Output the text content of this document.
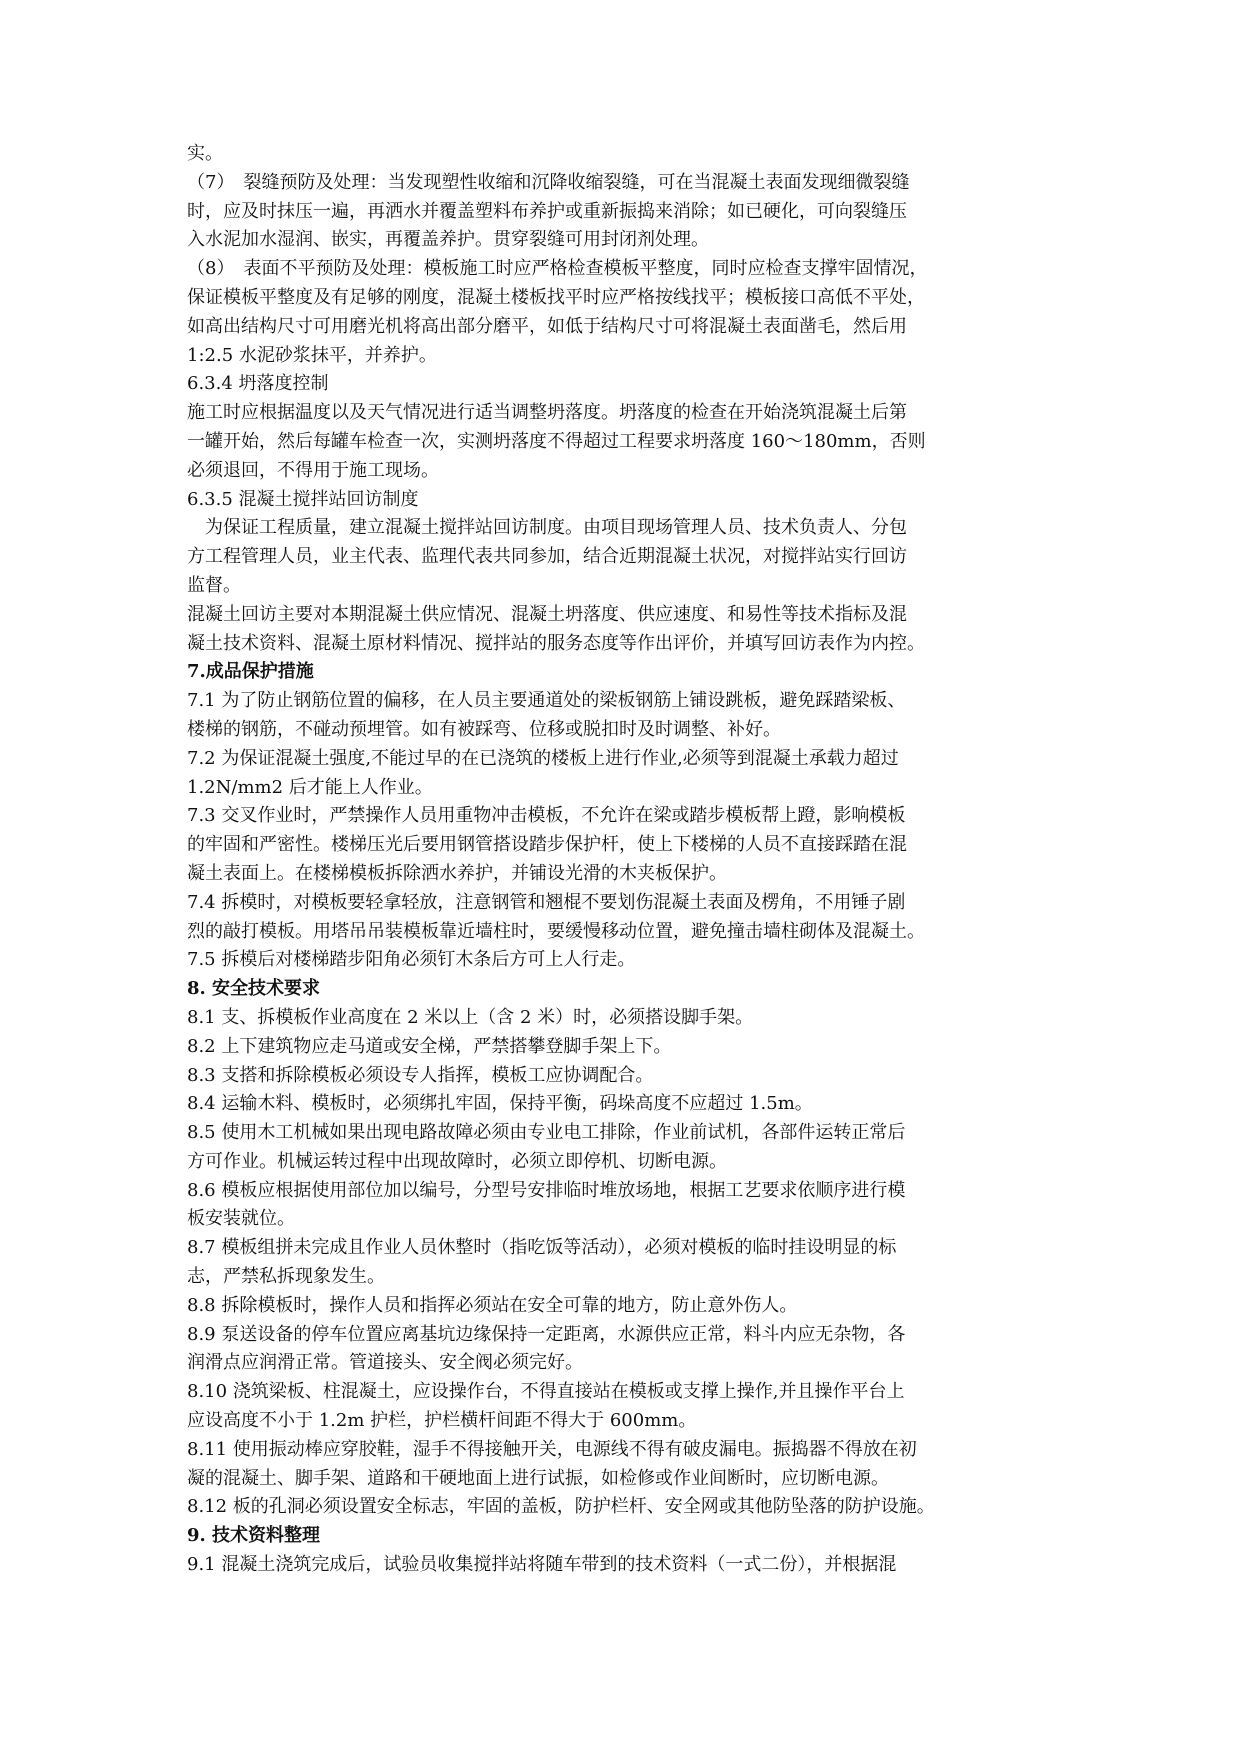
实。
（7）　裂缝预防及处理：当发现塑性收缩和沉降收缩裂缝，可在当混凝土表面发现细微裂缝
时，应及时抹压一遍，再洒水并覆盖塑料布养护或重新振捣来消除；如已硬化，可向裂缝压
入水泥加水湿润、嵌实，再覆盖养护。贯穿裂缝可用封闭剂处理。
（8）　表面不平预防及处理：模板施工时应严格检查模板平整度，同时应检查支撑牢固情况，
保证模板平整度及有足够的刚度，混凝土楼板找平时应严格按线找平；模板接口高低不平处，
如高出结构尺寸可用磨光机将高出部分磨平，如低于结构尺寸可将混凝土表面凿毛，然后用
1:2.5 水泥砂浆抹平，并养护。
6.3.4 坍落度控制
施工时应根据温度以及天气情况进行适当调整坍落度。坍落度的检查在开始浇筑混凝土后第
一罐开始，然后每罐车检查一次，实测坍落度不得超过工程要求坍落度 160～180mm，否则
必须退回，不得用于施工现场。
6.3.5 混凝土搅拌站回访制度
为保证工程质量，建立混凝土搅拌站回访制度。由项目现场管理人员、技术负责人、分包
方工程管理人员，业主代表、监理代表共同参加，结合近期混凝土状况，对搅拌站实行回访
监督。
混凝土回访主要对本期混凝土供应情况、混凝土坍落度、供应速度、和易性等技术指标及混
凝土技术资料、混凝土原材料情况、搅拌站的服务态度等作出评价，并填写回访表作为内控。
7.成品保护措施
7.1 为了防止钢筋位置的偏移，在人员主要通道处的梁板钢筋上铺设跳板，避免踩踏梁板、
楼梯的钢筋，不碰动预埋管。如有被踩弯、位移或脱扣时及时调整、补好。
7.2 为保证混凝土强度,不能过早的在已浇筑的楼板上进行作业,必须等到混凝土承载力超过
1.2N/mm2 后才能上人作业。
7.3 交叉作业时，严禁操作人员用重物冲击模板，不允许在梁或踏步模板帮上蹬，影响模板
的牢固和严密性。楼梯压光后要用钢管搭设踏步保护杆，使上下楼梯的人员不直接踩踏在混
凝土表面上。在楼梯模板拆除洒水养护，并铺设光滑的木夹板保护。
7.4 拆模时，对模板要轻拿轻放，注意钢管和翘棍不要划伤混凝土表面及楞角，不用锤子剧
烈的敲打模板。用塔吊吊装模板靠近墙柱时，要缓慢移动位置，避免撞击墙柱砌体及混凝土。
7.5 拆模后对楼梯踏步阳角必须钉木条后方可上人行走。
8. 安全技术要求
8.1 支、拆模板作业高度在 2 米以上（含 2 米）时，必须搭设脚手架。
8.2 上下建筑物应走马道或安全梯，严禁搭攀登脚手架上下。
8.3 支搭和拆除模板必须设专人指挥，模板工应协调配合。
8.4 运输木料、模板时，必须绑扎牢固，保持平衡，码垛高度不应超过 1.5m。
8.5 使用木工机械如果出现电路故障必须由专业电工排除，作业前试机，各部件运转正常后
方可作业。机械运转过程中出现故障时，必须立即停机、切断电源。
8.6 模板应根据使用部位加以编号，分型号安排临时堆放场地，根据工艺要求依顺序进行模
板安装就位。
8.7 模板组拼未完成且作业人员休整时（指吃饭等活动），必须对模板的临时挂设明显的标
志，严禁私拆现象发生。
8.8 拆除模板时，操作人员和指挥必须站在安全可靠的地方，防止意外伤人。
8.9 泵送设备的停车位置应离基坑边缘保持一定距离，水源供应正常，料斗内应无杂物，各
润滑点应润滑正常。管道接头、安全阀必须完好。
8.10 浇筑梁板、柱混凝土，应设操作台，不得直接站在模板或支撑上操作,并且操作平台上
应设高度不小于 1.2m 护栏，护栏横杆间距不得大于 600mm。
8.11 使用振动棒应穿胶鞋，湿手不得接触开关，电源线不得有破皮漏电。振捣器不得放在初
凝的混凝土、脚手架、道路和干硬地面上进行试振，如检修或作业间断时，应切断电源。
8.12 板的孔洞必须设置安全标志，牢固的盖板，防护栏杆、安全网或其他防坠落的防护设施。
9. 技术资料整理
9.1 混凝土浇筑完成后，试验员收集搅拌站将随车带到的技术资料（一式二份），并根据混
